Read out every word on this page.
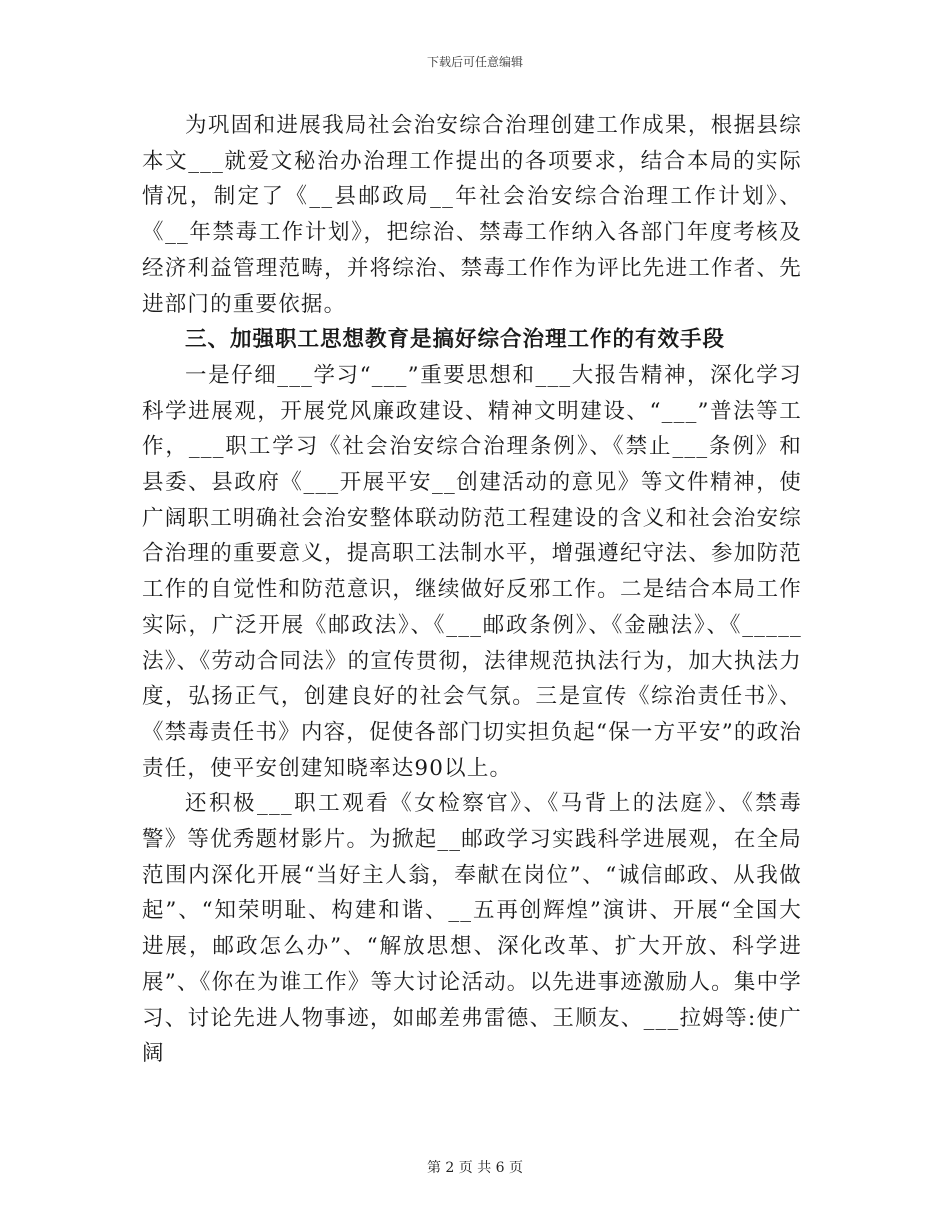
下载后可任意编辑

为巩固和进展我局社会治安综合治理创建工作成果，根据县综本文___就爱文秘治办治理工作提出的各项要求，结合本局的实际情况，制定了《__县邮政局__年社会治安综合治理工作计划》、《__年禁毒工作计划》，把综治、禁毒工作纳入各部门年度考核及经济利益管理范畴，并将综治、禁毒工作作为评比先进工作者、先进部门的重要依据。

三、加强职工思想教育是搞好综合治理工作的有效手段

一是仔细___学习“___”重要思想和___大报告精神，深化学习科学进展观，开展党风廉政建设、精神文明建设、“___”普法等工作，___职工学习《社会治安综合治理条例》、《禁止___条例》和县委、县政府《___开展平安__创建活动的意见》等文件精神，使广阔职工明确社会治安整体联动防范工程建设的含义和社会治安综合治理的重要意义，提高职工法制水平，增强遵纪守法、参加防范工作的自觉性和防范意识，继续做好反邪工作。二是结合本局工作实际，广泛开展《邮政法》、《___邮政条例》、《金融法》、《_____法》、《劳动合同法》的宣传贯彻，法律规范执法行为，加大执法力度，弘扬正气，创建良好的社会气氛。三是宣传《综治责任书》、《禁毒责任书》内容，促使各部门切实担负起“保一方平安”的政治责任，使平安创建知晓率达90以上。

还积极___职工观看《女检察官》、《马背上的法庭》、《禁毒警》等优秀题材影片。为掀起__邮政学习实践科学进展观，在全局范围内深化开展“当好主人翁，奉献在岗位”、“诚信邮政、从我做起”、“知荣明耻、构建和谐、__五再创辉煌”演讲、开展“全国大进展，邮政怎么办”、“解放思想、深化改革、扩大开放、科学进展”、《你在为谁工作》等大讨论活动。以先进事迹激励人。集中学习、讨论先进人物事迹，如邮差弗雷德、王顺友、___拉姆等:使广阔

第 2 页 共 6 页
